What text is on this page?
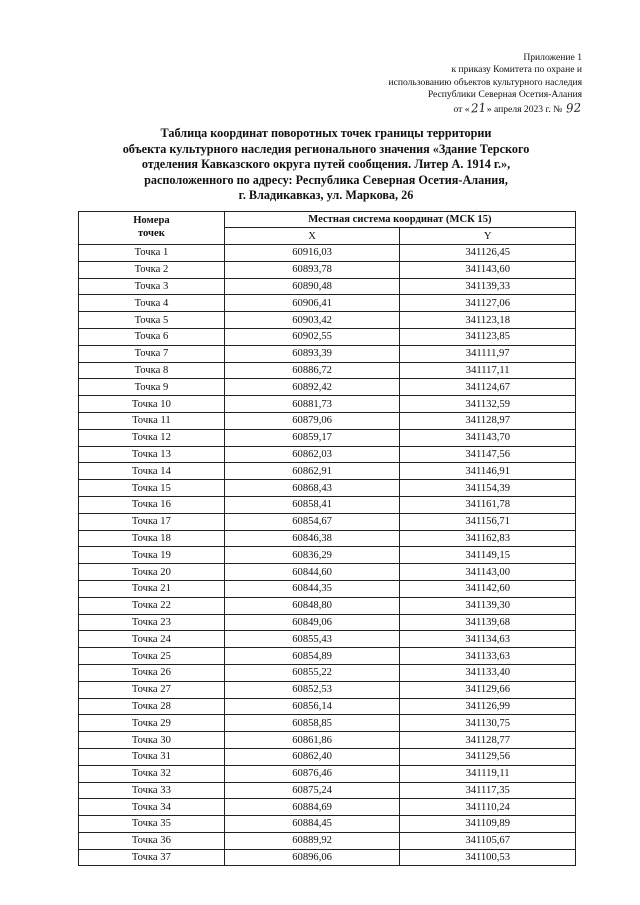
Приложение 1
к приказу Комитета по охране и
использованию объектов культурного наследия
Республики Северная Осетия-Алания
от «21» апреля 2023 г. № 92
Таблица координат поворотных точек границы территории
объекта культурного наследия регионального значения «Здание Терского
отделения Кавказского округа путей сообщения. Литер А. 1914 г.»,
расположенного по адресу: Республика Северная Осетия-Алания,
г. Владикавказ, ул. Маркова, 26
Номера
точек	Местная система координат (МСК 15)	
	X	Y
Точка 1	60916,03	341126,45
Точка 2	60893,78	341143,60
Точка 3	60890,48	341139,33
Точка 4	60906,41	341127,06
Точка 5	60903,42	341123,18
Точка 6	60902,55	341123,85
Точка 7	60893,39	341111,97
Точка 8	60886,72	341117,11
Точка 9	60892,42	341124,67
Точка 10	60881,73	341132,59
Точка 11	60879,06	341128,97
Точка 12	60859,17	341143,70
Точка 13	60862,03	341147,56
Точка 14	60862,91	341146,91
Точка 15	60868,43	341154,39
Точка 16	60858,41	341161,78
Точка 17	60854,67	341156,71
Точка 18	60846,38	341162,83
Точка 19	60836,29	341149,15
Точка 20	60844,60	341143,00
Точка 21	60844,35	341142,60
Точка 22	60848,80	341139,30
Точка 23	60849,06	341139,68
Точка 24	60855,43	341134,63
Точка 25	60854,89	341133,63
Точка 26	60855,22	341133,40
Точка 27	60852,53	341129,66
Точка 28	60856,14	341126,99
Точка 29	60858,85	341130,75
Точка 30	60861,86	341128,77
Точка 31	60862,40	341129,56
Точка 32	60876,46	341119,11
Точка 33	60875,24	341117,35
Точка 34	60884,69	341110,24
Точка 35	60884,45	341109,89
Точка 36	60889,92	341105,67
Точка 37	60896,06	341100,53
